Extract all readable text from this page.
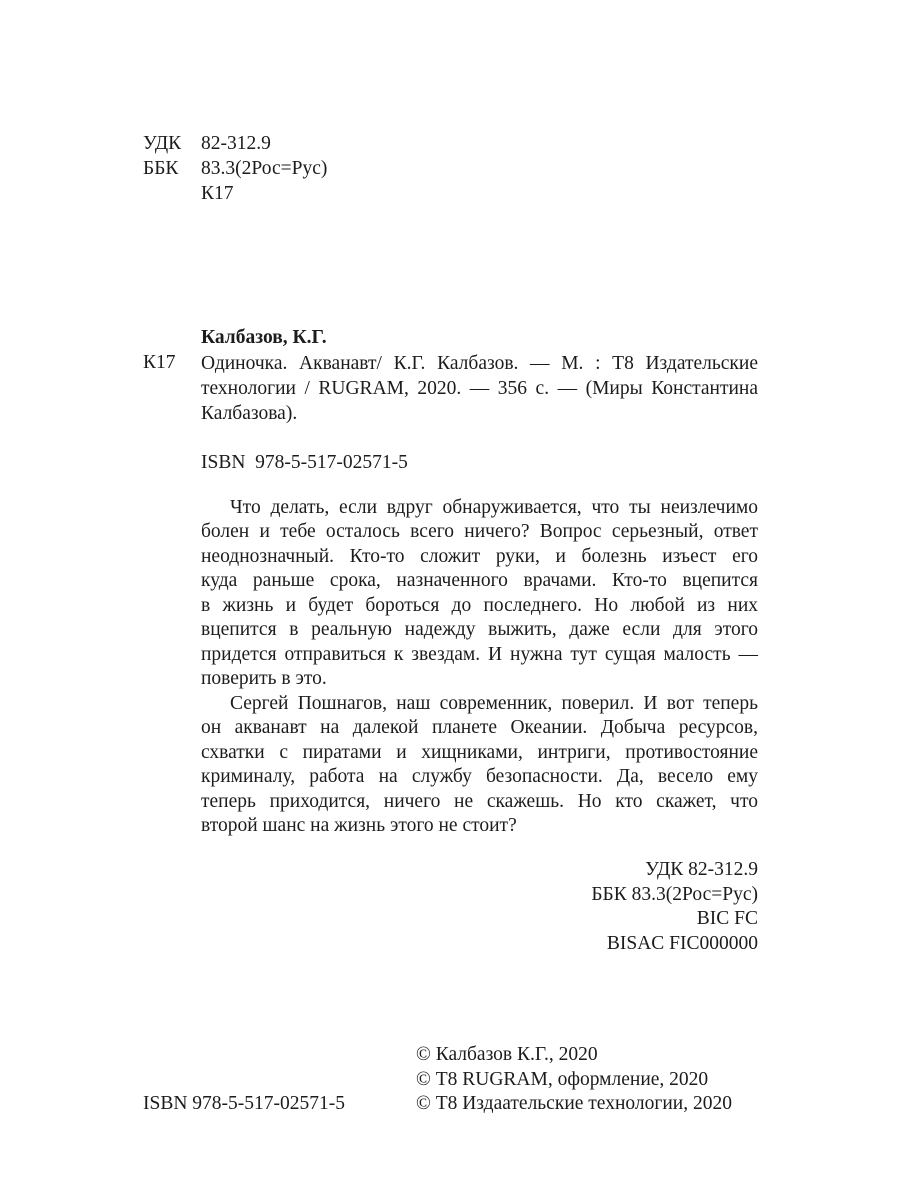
УДК 82-312.9
ББК 83.3(2Рос=Рус)
К17
Калбазов, К.Г.
К17 Одиночка. Акванавт/ К.Г. Калбазов. — М. : Т8 Издательские
технологии / RUGRAM, 2020. — 356 с. — (Миры Константина
Калбазова).
ISBN  978-5-517-02571-5
Что делать, если вдруг обнаруживается, что ты неизлечимо
болен и тебе осталось всего ничего? Вопрос серьезный, ответ
неоднозначный. Кто-то сложит руки, и болезнь изъест его
куда раньше срока, назначенного врачами. Кто-то вцепится
в жизнь и будет бороться до последнего. Но любой из них
вцепится в реальную надежду выжить, даже если для этого
придется отправиться к звездам. И нужна тут сущая малость —
поверить в это.
Сергей Пошнагов, наш современник, поверил. И вот теперь
он акванавт на далекой планете Океании. Добыча ресурсов,
схватки с пиратами и хищниками, интриги, противостояние
криминалу, работа на службу безопасности. Да, весело ему
теперь приходится, ничего не скажешь. Но кто скажет, что
второй шанс на жизнь этого не стоит?
УДК 82-312.9
ББК 83.3(2Рос=Рус)
BIC FC
BISAC FIC000000
© Калбазов К.Г., 2020
© Т8 RUGRAM, оформление, 2020
ISBN 978-5-517-02571-5	© Т8 Издаательские технологии, 2020
